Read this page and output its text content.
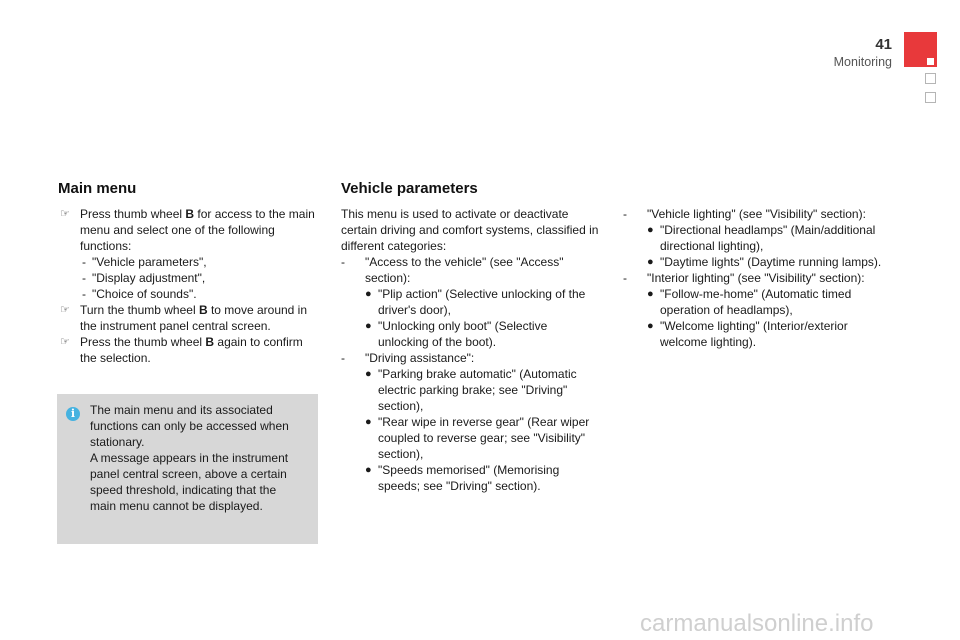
41
Monitoring
Main menu

☞ Press thumb wheel B for access to the main menu and select one of the following functions:

- "Vehicle parameters",

- "Display adjustment",

- "Choice of sounds".

☞ Turn the thumb wheel B to move around in the instrument panel central screen.

☞ Press the thumb wheel B again to confirm the selection.

i	The main menu and its associated functions can only be accessed when stationary.
A message appears in the instrument panel central screen, above a certain speed threshold, indicating that the main menu cannot be displayed.
Vehicle parameters

This menu is used to activate or deactivate certain driving and comfort systems, classified in different categories:

- "Access to the vehicle" (see "Access" section):

● "Plip action" (Selective unlocking of the driver's door),

● "Unlocking only boot" (Selective unlocking of the boot).

- "Driving assistance":

● "Parking brake automatic" (Automatic electric parking brake; see "Driving" section),

● "Rear wipe in reverse gear" (Rear wiper coupled to reverse gear; see "Visibility" section),

● "Speeds memorised" (Memorising speeds; see "Driving" section).

- "Vehicle lighting" (see "Visibility" section):

● "Directional headlamps" (Main/additional directional lighting),

● "Daytime lights" (Daytime running lamps).

- "Interior lighting" (see "Visibility" section):

● "Follow-me-home" (Automatic timed operation of headlamps),

● "Welcome lighting" (Interior/exterior welcome lighting).

carmanualsonline.info
